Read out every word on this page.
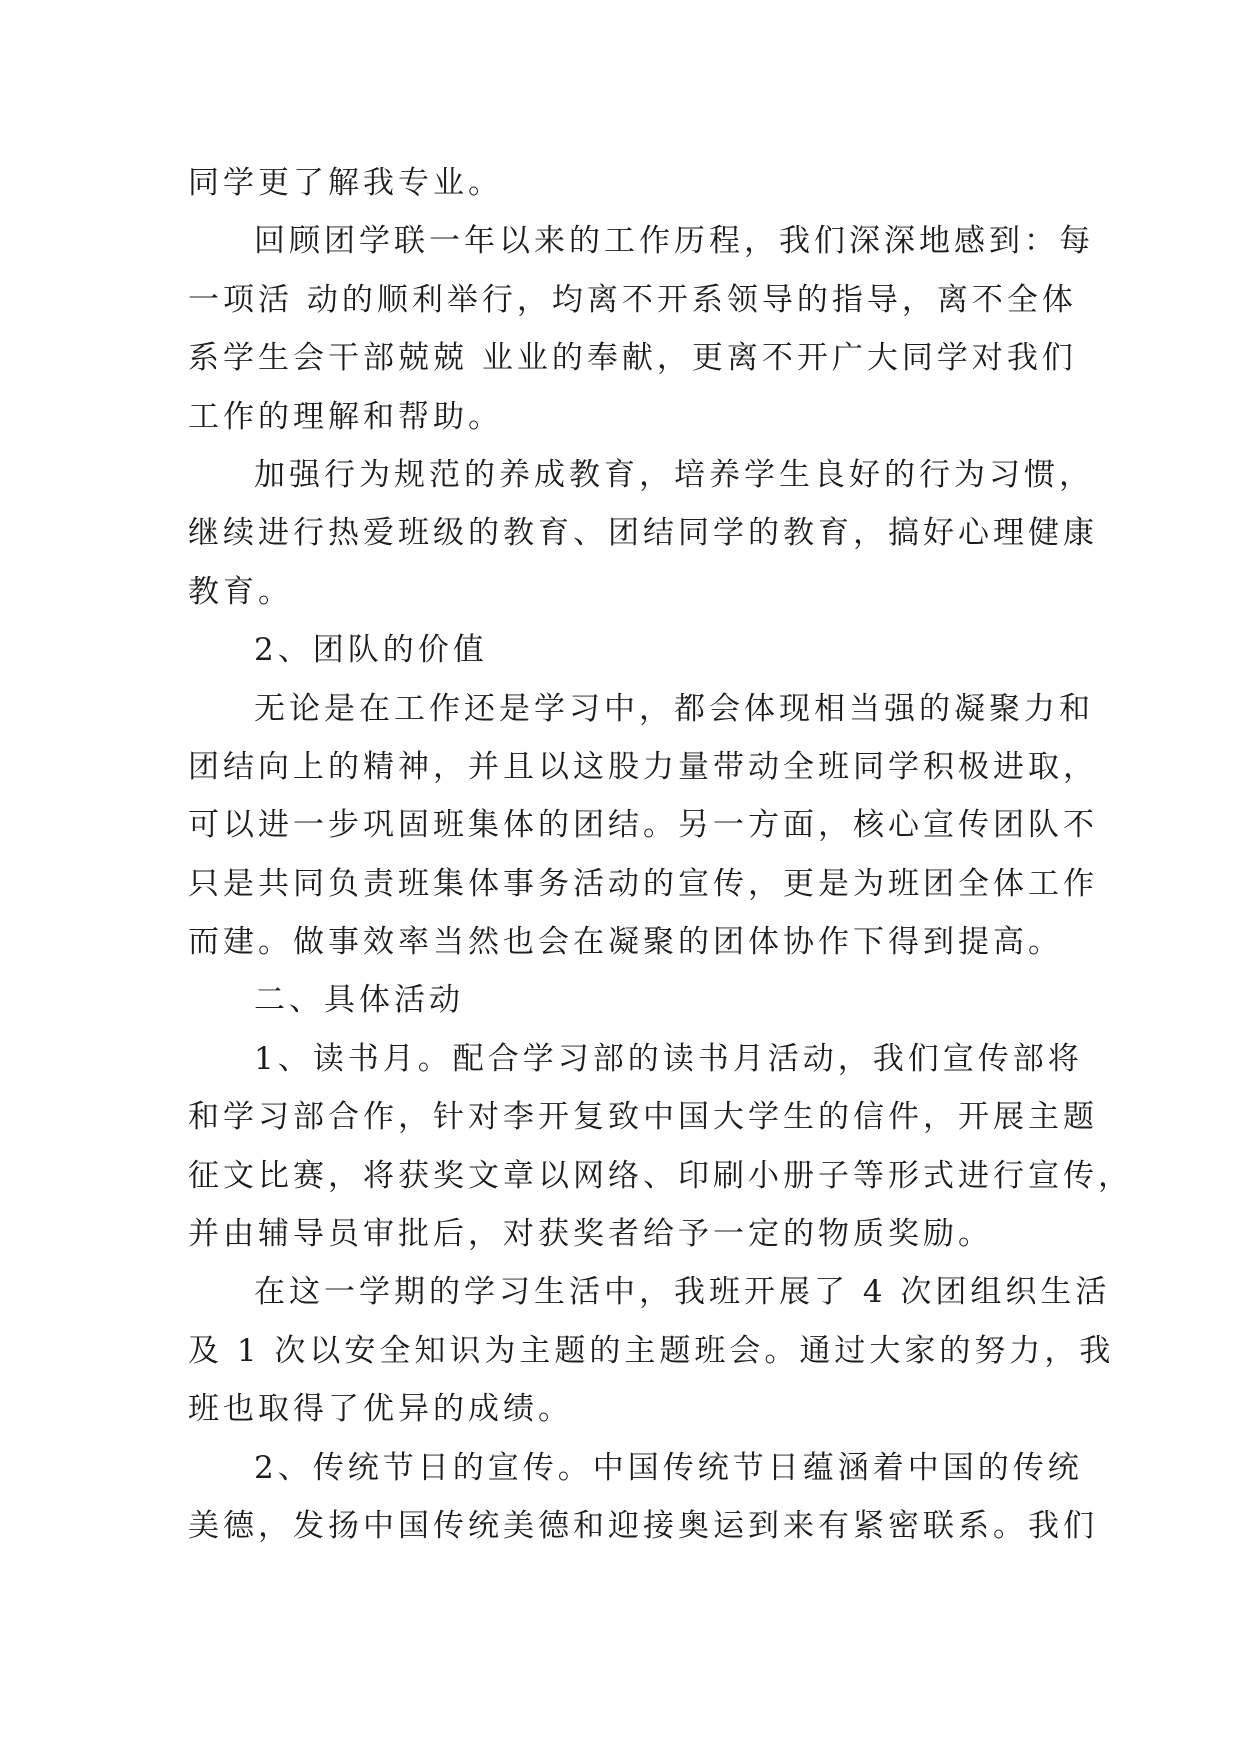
同学更了解我专业。
回顾团学联一年以来的工作历程，我们深深地感到：每
一项活 动的顺利举行，均离不开系领导的指导，离不全体
系学生会干部兢兢 业业的奉献，更离不开广大同学对我们
工作的理解和帮助。
加强行为规范的养成教育，培养学生良好的行为习惯，
继续进行热爱班级的教育、团结同学的教育，搞好心理健康
教育。
2、团队的价值
无论是在工作还是学习中，都会体现相当强的凝聚力和
团结向上的精神，并且以这股力量带动全班同学积极进取，
可以进一步巩固班集体的团结。另一方面，核心宣传团队不
只是共同负责班集体事务活动的宣传，更是为班团全体工作
而建。做事效率当然也会在凝聚的团体协作下得到提高。
二、具体活动
1、读书月。配合学习部的读书月活动，我们宣传部将
和学习部合作，针对李开复致中国大学生的信件，开展主题
征文比赛，将获奖文章以网络、印刷小册子等形式进行宣传，
并由辅导员审批后，对获奖者给予一定的物质奖励。
在这一学期的学习生活中，我班开展了 4 次团组织生活
及 1 次以安全知识为主题的主题班会。通过大家的努力，我
班也取得了优异的成绩。
2、传统节日的宣传。中国传统节日蕴涵着中国的传统
美德，发扬中国传统美德和迎接奥运到来有紧密联系。我们
